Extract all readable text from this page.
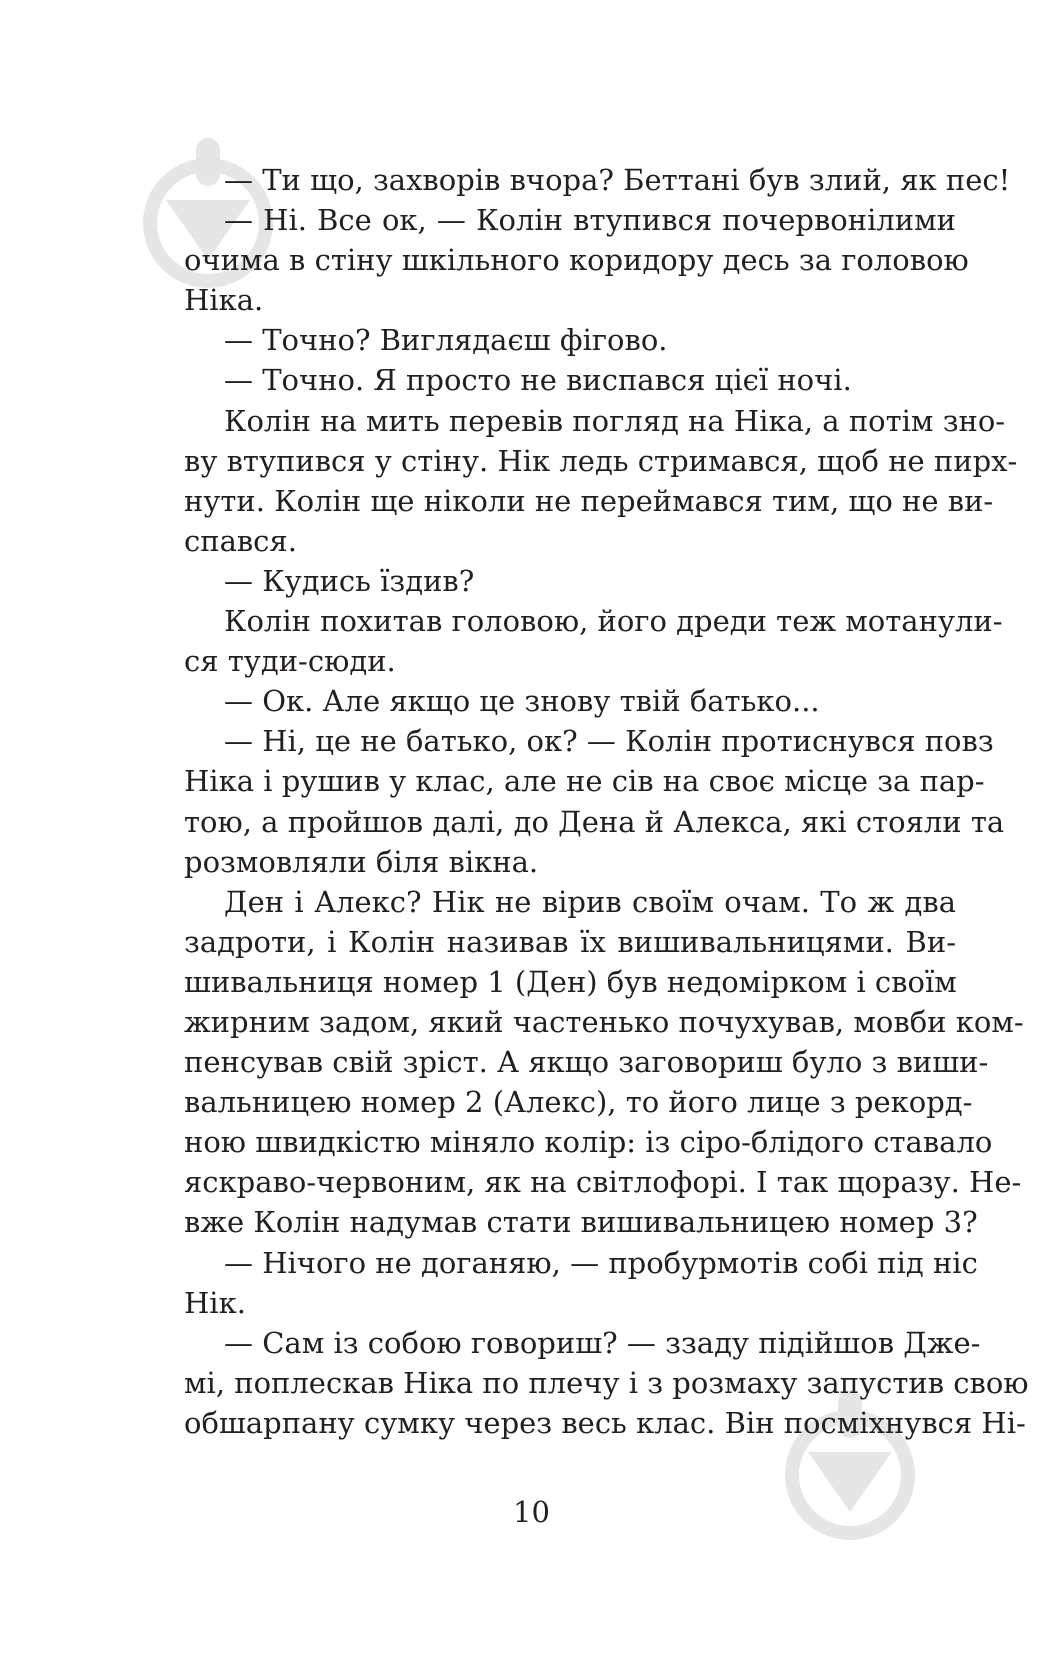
— Ти що, захворів вчора? Беттані був злий, як пес!
— Ні. Все ок, — Колін втупився почервонілими
очима в стіну шкільного коридору десь за головою
Ніка.
— Точно? Виглядаєш фігово.
— Точно. Я просто не виспався цієї ночі.
Колін на мить перевів погляд на Ніка, а потім зно-
ву втупився у стіну. Нік ледь стримався, щоб не пирх-
нути. Колін ще ніколи не переймався тим, що не ви-
спався.
— Кудись їздив?
Колін похитав головою, його дреди теж мотанули-
ся туди-сюди.
— Ок. Але якщо це знову твій батько...
— Ні, це не батько, ок? — Колін протиснувся повз
Ніка і рушив у клас, але не сів на своє місце за пар-
тою, а пройшов далі, до Дена й Алекса, які стояли та
розмовляли біля вікна.
Ден і Алекс? Нік не вірив своїм очам. То ж два
задроти, і Колін називав їх вишивальницями. Ви-
шивальниця номер 1 (Ден) був недомірком і своїм
жирним задом, який частенько почухував, мовби ком-
пенсував свій зріст. А якщо заговориш було з виши-
вальницею номер 2 (Алекс), то його лице з рекорд-
ною швидкістю міняло колір: із сіро-блідого ставало
яскраво-червоним, як на світлофорі. І так щоразу. Не-
вже Колін надумав стати вишивальницею номер 3?
— Нічого не доганяю, — пробурмотів собі під ніс
Нік.
— Сам із собою говориш? — ззаду підійшов Дже-
мі, поплескав Ніка по плечу і з розмаху запустив свою
обшарпану сумку через весь клас. Він посміхнувся Ні-
10
